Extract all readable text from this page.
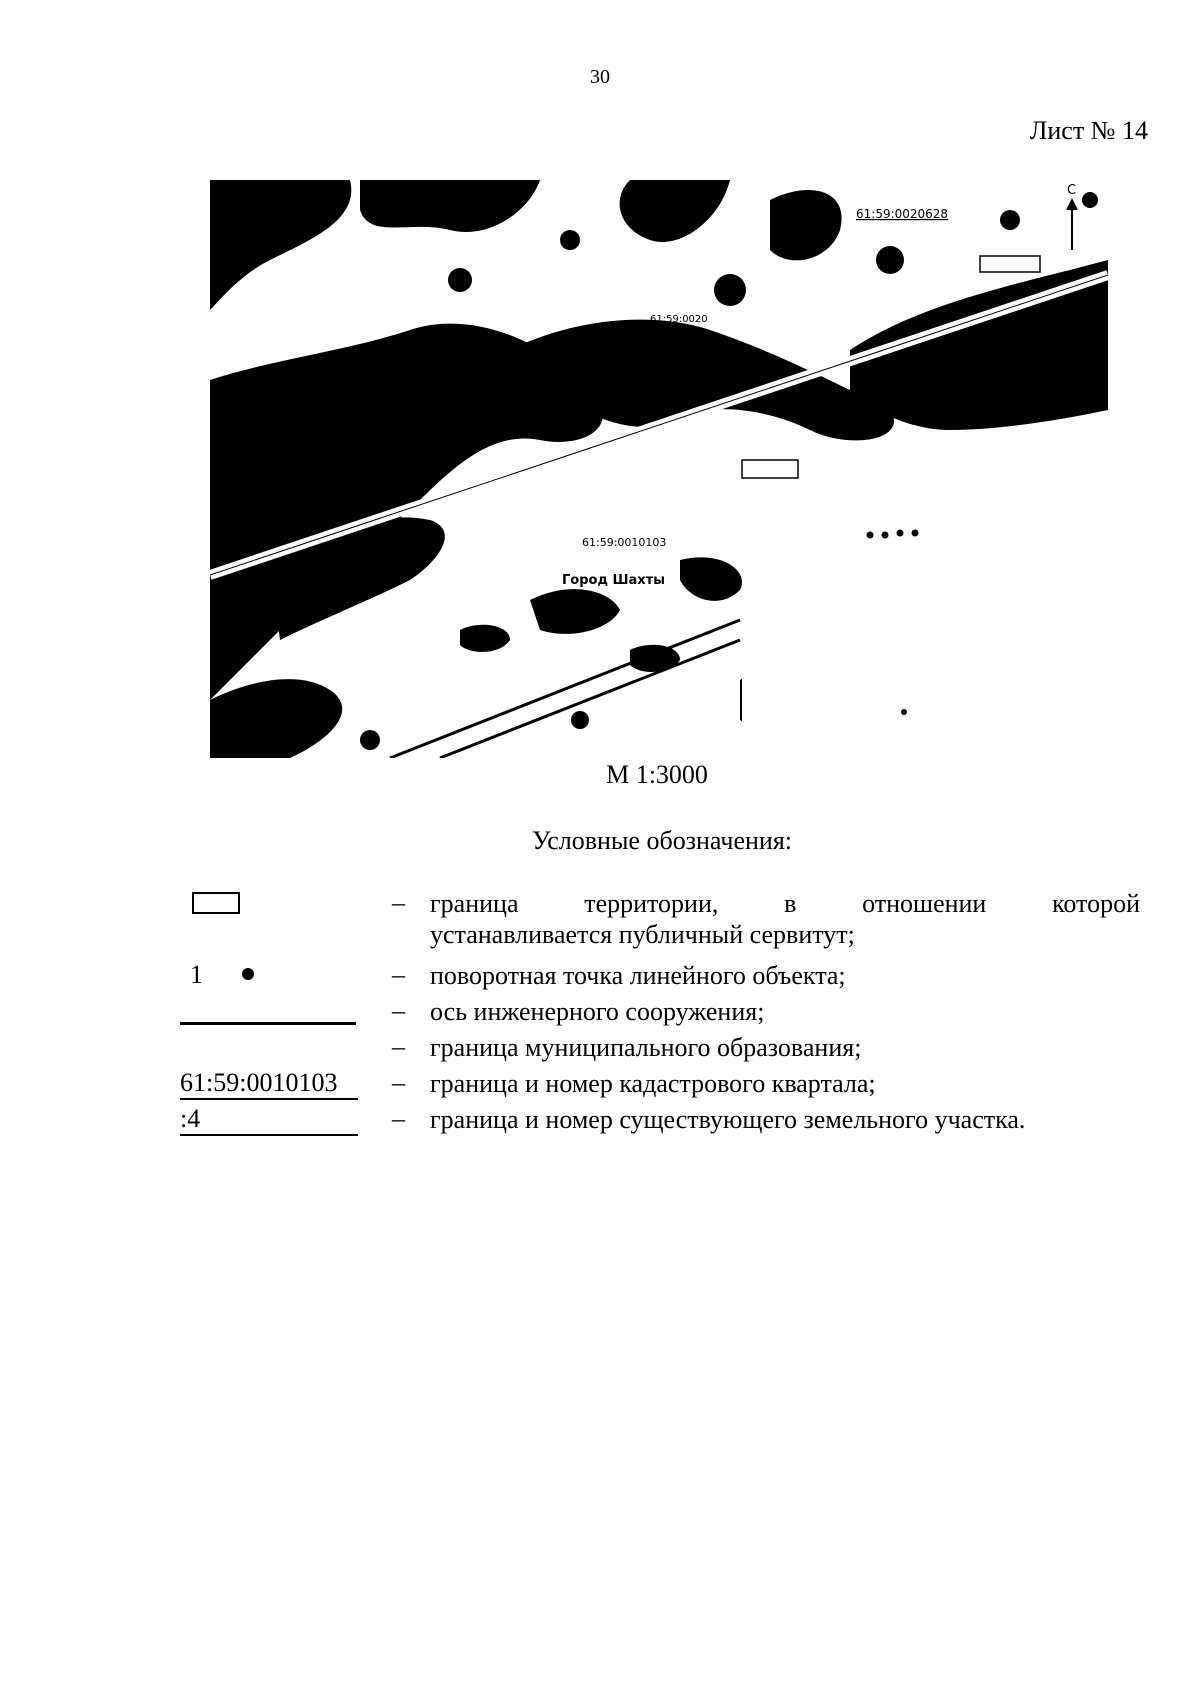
30
Лист № 14
С
61:59:0020628
61:59:0010103
61:59:0020
61:59:0010
Город Шахты
М 1:3000
Условные обозначения:
– граница	территории,	в	отношении	которой
устанавливается публичный сервитут;
1	– поворотная точка линейного объекта;
– ось инженерного сооружения;
– граница муниципального образования;
61:59:0010103	– граница и номер кадастрового квартала;
:4	– граница и номер существующего земельного участка.
